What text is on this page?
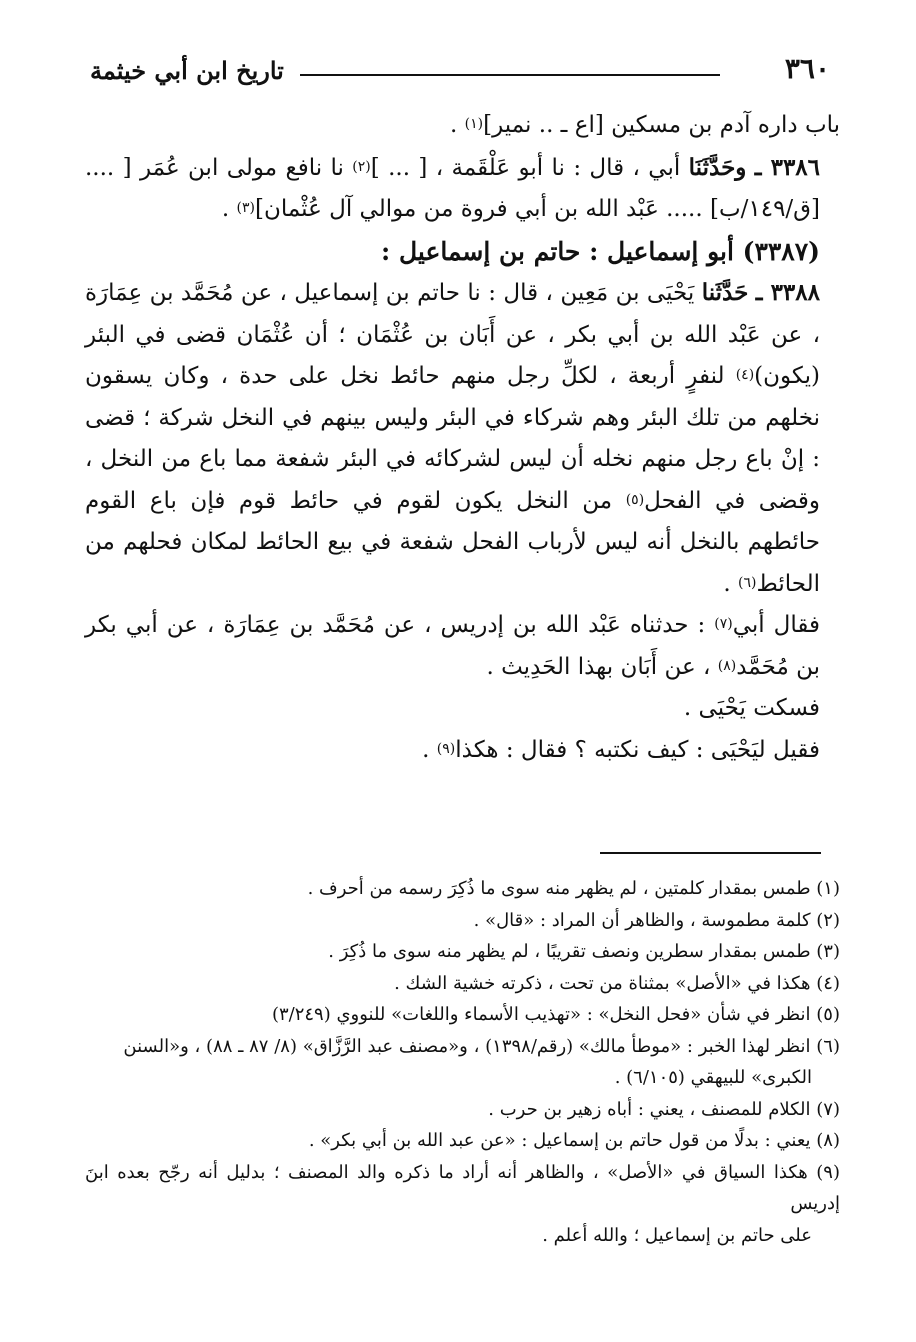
٣٦٠
تاريخ ابن أبي خيثمة

باب داره آدم بن مسكين [اع ـ .. نمير]$^{(١)}$ .

٣٣٨٦ ـ وحَدَّثَنَا أبي ، قال : نا أبو عَلْقَمة ، [ ... ]$^{(٢)}$ نا نافع مولى ابن عُمَر [ .... [ق/١٤٩/ب] ..... عَبْد الله بن أبي فروة من موالي آل عُثْمان]$^{(٣)}$ .

(٣٣٨٧) أبو إسماعيل : حاتم بن إسماعيل :

٣٣٨٨ ـ حَدَّثَنا يَحْيَى بن مَعِين ، قال : نا حاتم بن إسماعيل ، عن مُحَمَّد بن عِمَارَة ، عن عَبْد الله بن أبي بكر ، عن أَبَان بن عُثْمَان ؛ أن عُثْمَان قضى في البئر (يكون)$^{(٤)}$ لنفرٍ أربعة ، لكلِّ رجل منهم حائط نخل على حدة ، وكان يسقون نخلهم من تلك البئر وهم شركاء في البئر وليس بينهم في النخل شركة ؛ قضى : إنْ باع رجل منهم نخله أن ليس لشركائه في البئر شفعة مما باع من النخل ، وقضى في الفحل$^{(٥)}$ من النخل يكون لقوم في حائط قوم فإن باع القوم حائطهم بالنخل أنه ليس لأرباب الفحل شفعة في بيع الحائط لمكان فحلهم من الحائط$^{(٦)}$ .

فقال أبي$^{(٧)}$ : حدثناه عَبْد الله بن إدريس ، عن مُحَمَّد بن عِمَارَة ، عن أبي بكر بن مُحَمَّد$^{(٨)}$ ، عن أَبَان بهذا الحَدِيث .

فسكت يَحْيَى .

فقيل ليَحْيَى : كيف نكتبه ؟ فقال : هكذا$^{(٩)}$ .

(١) طمس بمقدار كلمتين ، لم يظهر منه سوى ما ذُكِرَ رسمه من أحرف .

(٢) كلمة مطموسة ، والظاهر أن المراد : «قال» .

(٣) طمس بمقدار سطرين ونصف تقريبًا ، لم يظهر منه سوى ما ذُكِرَ .

(٤) هكذا في «الأصل» بمثناة من تحت ، ذكرته خشية الشك .

(٥) انظر في شأن «فحل النخل» : «تهذيب الأسماء واللغات» للنووي (٣/٢٤٩)

(٦) انظر لهذا الخبر : «موطأ مالك» (رقم/١٣٩٨) ، و«مصنف عبد الرَّزَّاق» (٨/ ٨٧ ـ ٨٨) ، و«السنن

الكبرى» للبيهقي (٦/١٠٥) .

(٧) الكلام للمصنف ، يعني : أباه زهير بن حرب .

(٨) يعني : بدلًا من قول حاتم بن إسماعيل : «عن عبد الله بن أبي بكر» .

(٩) هكذا السياق في «الأصل» ، والظاهر أنه أراد ما ذكره والد المصنف ؛ بدليل أنه رجّح بعده ابنَ إدريس

على حاتم بن إسماعيل ؛ والله أعلم .
